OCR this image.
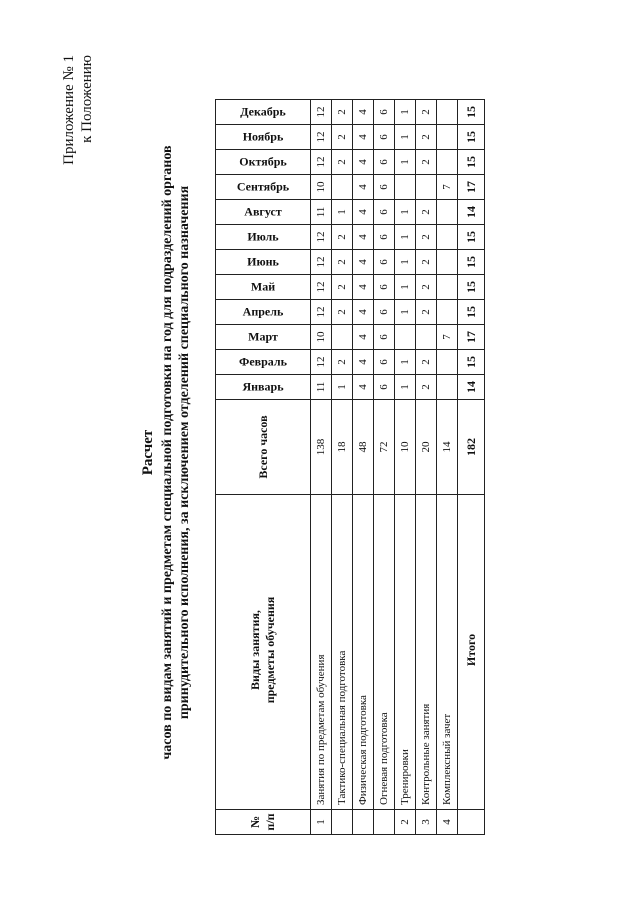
Приложение № 1 к Положению
Расчет часов по видам занятий и предметам специальной подготовки на год для подразделений органов принудительного исполнения, за исключением отделений специального назначения
№ п/п	Виды занятия, предметы обучения	Всего часов	Январь	Февраль	Март	Апрель	Май	Июнь	Июль	Август	Сентябрь	Октябрь	Ноябрь	Декабрь

1	Занятия по предметам обучения	138	11	12	10	12	12	12	12	11	10	12	12	12
	Тактико-специальная подготовка	18	1	2		2	2	2	2	1		2	2	2
	Физическая подготовка	48	4	4	4	4	4	4	4	4	4	4	4	4
	Огневая подготовка	72	6	6	6	6	6	6	6	6	6	6	6	6
2	Тренировки	10	1	1		1	1	1	1	1		1	1	1
3	Контрольные занятия	20	2	2		2	2	2	2	2		2	2	2
4	Комплексный зачет	14			7						7			
	Итого	182	14	15	17	15	15	15	15	14	17	15	15	15
